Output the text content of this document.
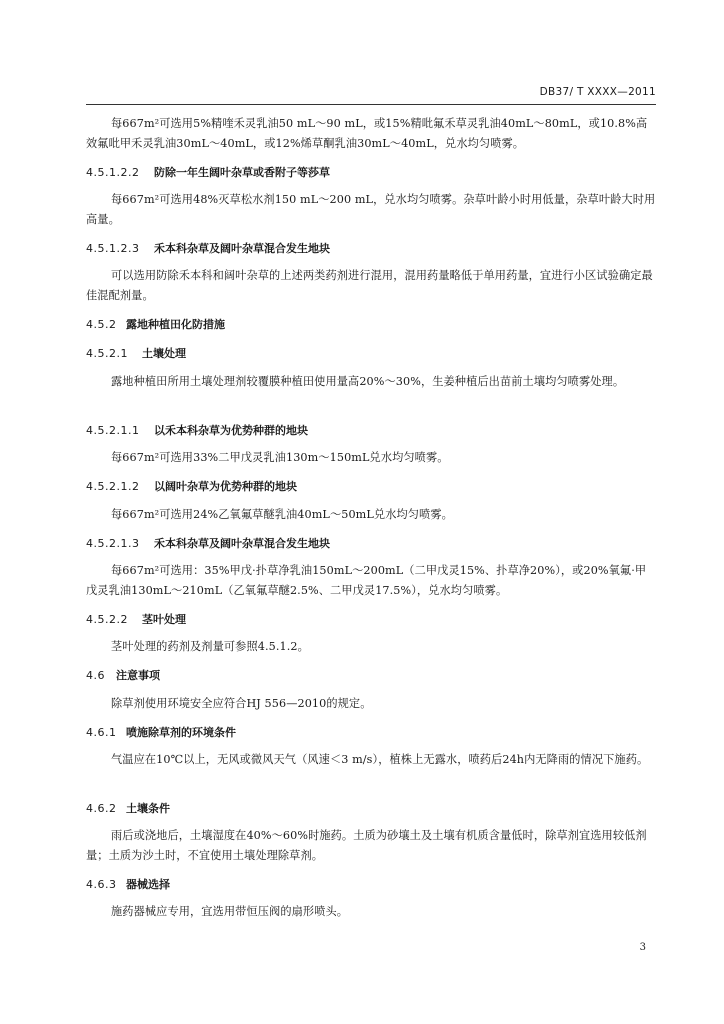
DB37/ T XXXX—2011
每667m²可选用5%精喹禾灵乳油50 mL～90 mL，或15%精吡氟禾草灵乳油40mL～80mL，或10.8%高效氟吡甲禾灵乳油30mL～40mL，或12%烯草酮乳油30mL～40mL，兑水均匀喷雾。
4.5.1.2.2 防除一年生阔叶杂草或香附子等莎草
每667m²可选用48%灭草松水剂150 mL～200 mL，兑水均匀喷雾。杂草叶龄小时用低量，杂草叶龄大时用高量。
4.5.1.2.3 禾本科杂草及阔叶杂草混合发生地块
可以选用防除禾本科和阔叶杂草的上述两类药剂进行混用，混用药量略低于单用药量，宜进行小区试验确定最佳混配剂量。
4.5.2 露地种植田化防措施
4.5.2.1 土壤处理
露地种植田所用土壤处理剂较覆膜种植田使用量高20%～30%，生姜种植后出苗前土壤均匀喷雾处理。
4.5.2.1.1 以禾本科杂草为优势种群的地块
每667m²可选用33%二甲戊灵乳油130m～150mL兑水均匀喷雾。
4.5.2.1.2 以阔叶杂草为优势种群的地块
每667m²可选用24%乙氧氟草醚乳油40mL～50mL兑水均匀喷雾。
4.5.2.1.3 禾本科杂草及阔叶杂草混合发生地块
每667m²可选用：35%甲戊·扑草净乳油150mL～200mL（二甲戊灵15%、扑草净20%），或20%氧氟·甲戊灵乳油130mL～210mL（乙氧氟草醚2.5%、二甲戊灵17.5%），兑水均匀喷雾。
4.5.2.2 茎叶处理
茎叶处理的药剂及剂量可参照4.5.1.2。
4.6 注意事项
除草剂使用环境安全应符合HJ 556—2010的规定。
4.6.1 喷施除草剂的环境条件
气温应在10℃以上，无风或微风天气（风速＜3 m/s），植株上无露水，喷药后24h内无降雨的情况下施药。
4.6.2 土壤条件
雨后或浇地后，土壤湿度在40%～60%时施药。土质为砂壤土及土壤有机质含量低时，除草剂宜选用较低剂量；土质为沙土时，不宜使用土壤处理除草剂。
4.6.3 器械选择
施药器械应专用，宜选用带恒压阀的扇形喷头。
3
